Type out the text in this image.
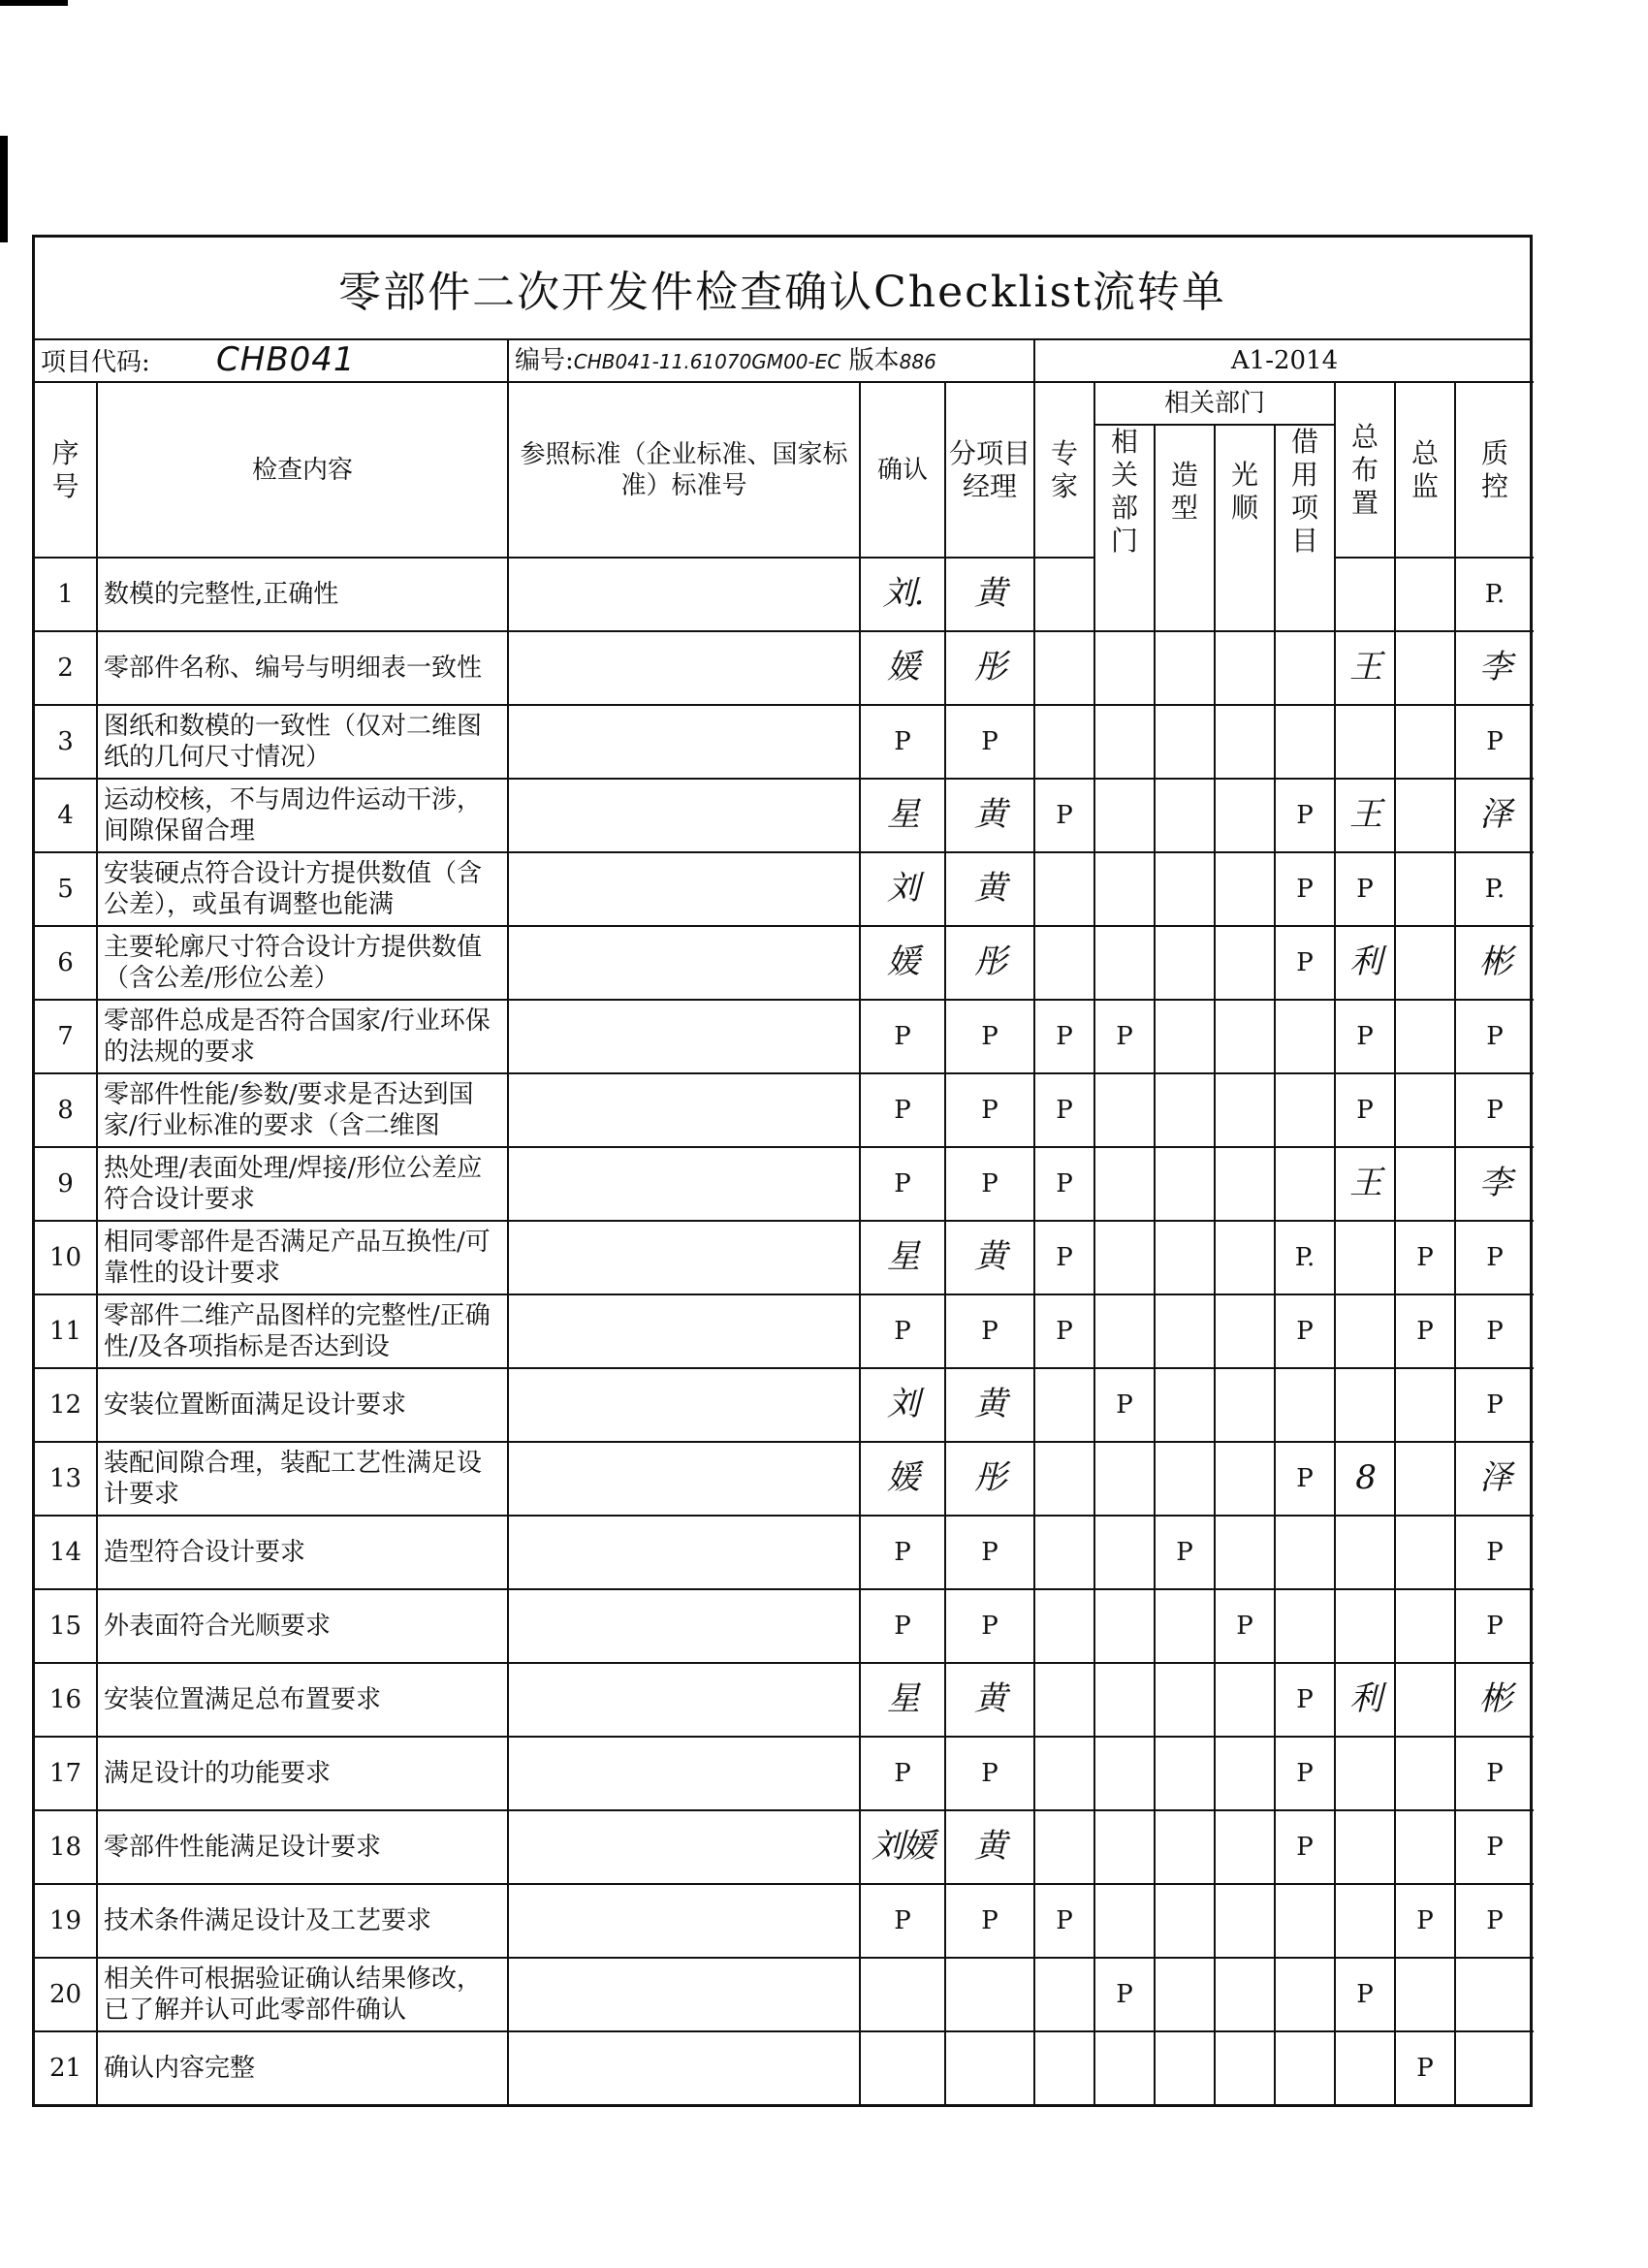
零部件二次开发件检查确认Checklist流转单
项目代码: CHB041		编号:CHB041-11.61070GM00-EC 版本886			A1-2014							
序号	检查内容	参照标准（企业标准、国家标准）标准号	确认	分项目经理	专家	相关部门				总布置	总监	质控
						相关部门	造型	光顺	借用项目			
1	数模的完整性,正确性		刘.	黄								P.
2	零部件名称、编号与明细表一致性		媛	彤						王		李
3	图纸和数模的一致性（仅对二维图纸的几何尺寸情况）		P	P								P
4	运动校核，不与周边件运动干涉，间隙保留合理		星	黄	P				P	王		泽
5	安装硬点符合设计方提供数值（含公差），或虽有调整也能满		刘	黄					P	P		P.
6	主要轮廓尺寸符合设计方提供数值（含公差/形位公差）		媛	彤					P	利		彬
7	零部件总成是否符合国家/行业环保的法规的要求		P	P	P	P				P		P
8	零部件性能/参数/要求是否达到国家/行业标准的要求（含二维图		P	P	P					P		P
9	热处理/表面处理/焊接/形位公差应符合设计要求		P	P	P					王		李
10	相同零部件是否满足产品互换性/可靠性的设计要求		星	黄	P				P.		P	P
11	零部件二维产品图样的完整性/正确性/及各项指标是否达到设		P	P	P				P		P	P
12	安装位置断面满足设计要求		刘	黄		P						P
13	装配间隙合理，装配工艺性满足设计要求		媛	彤					P	8		泽
14	造型符合设计要求		P	P			P					P
15	外表面符合光顺要求		P	P				P				P
16	安装位置满足总布置要求		星	黄					P	利		彬
17	满足设计的功能要求		P	P					P			P
18	零部件性能满足设计要求		刘媛	黄					P			P
19	技术条件满足设计及工艺要求		P	P	P						P	P
20	相关件可根据验证确认结果修改，已了解并认可此零部件确认					P				P		
21	确认内容完整										P	
